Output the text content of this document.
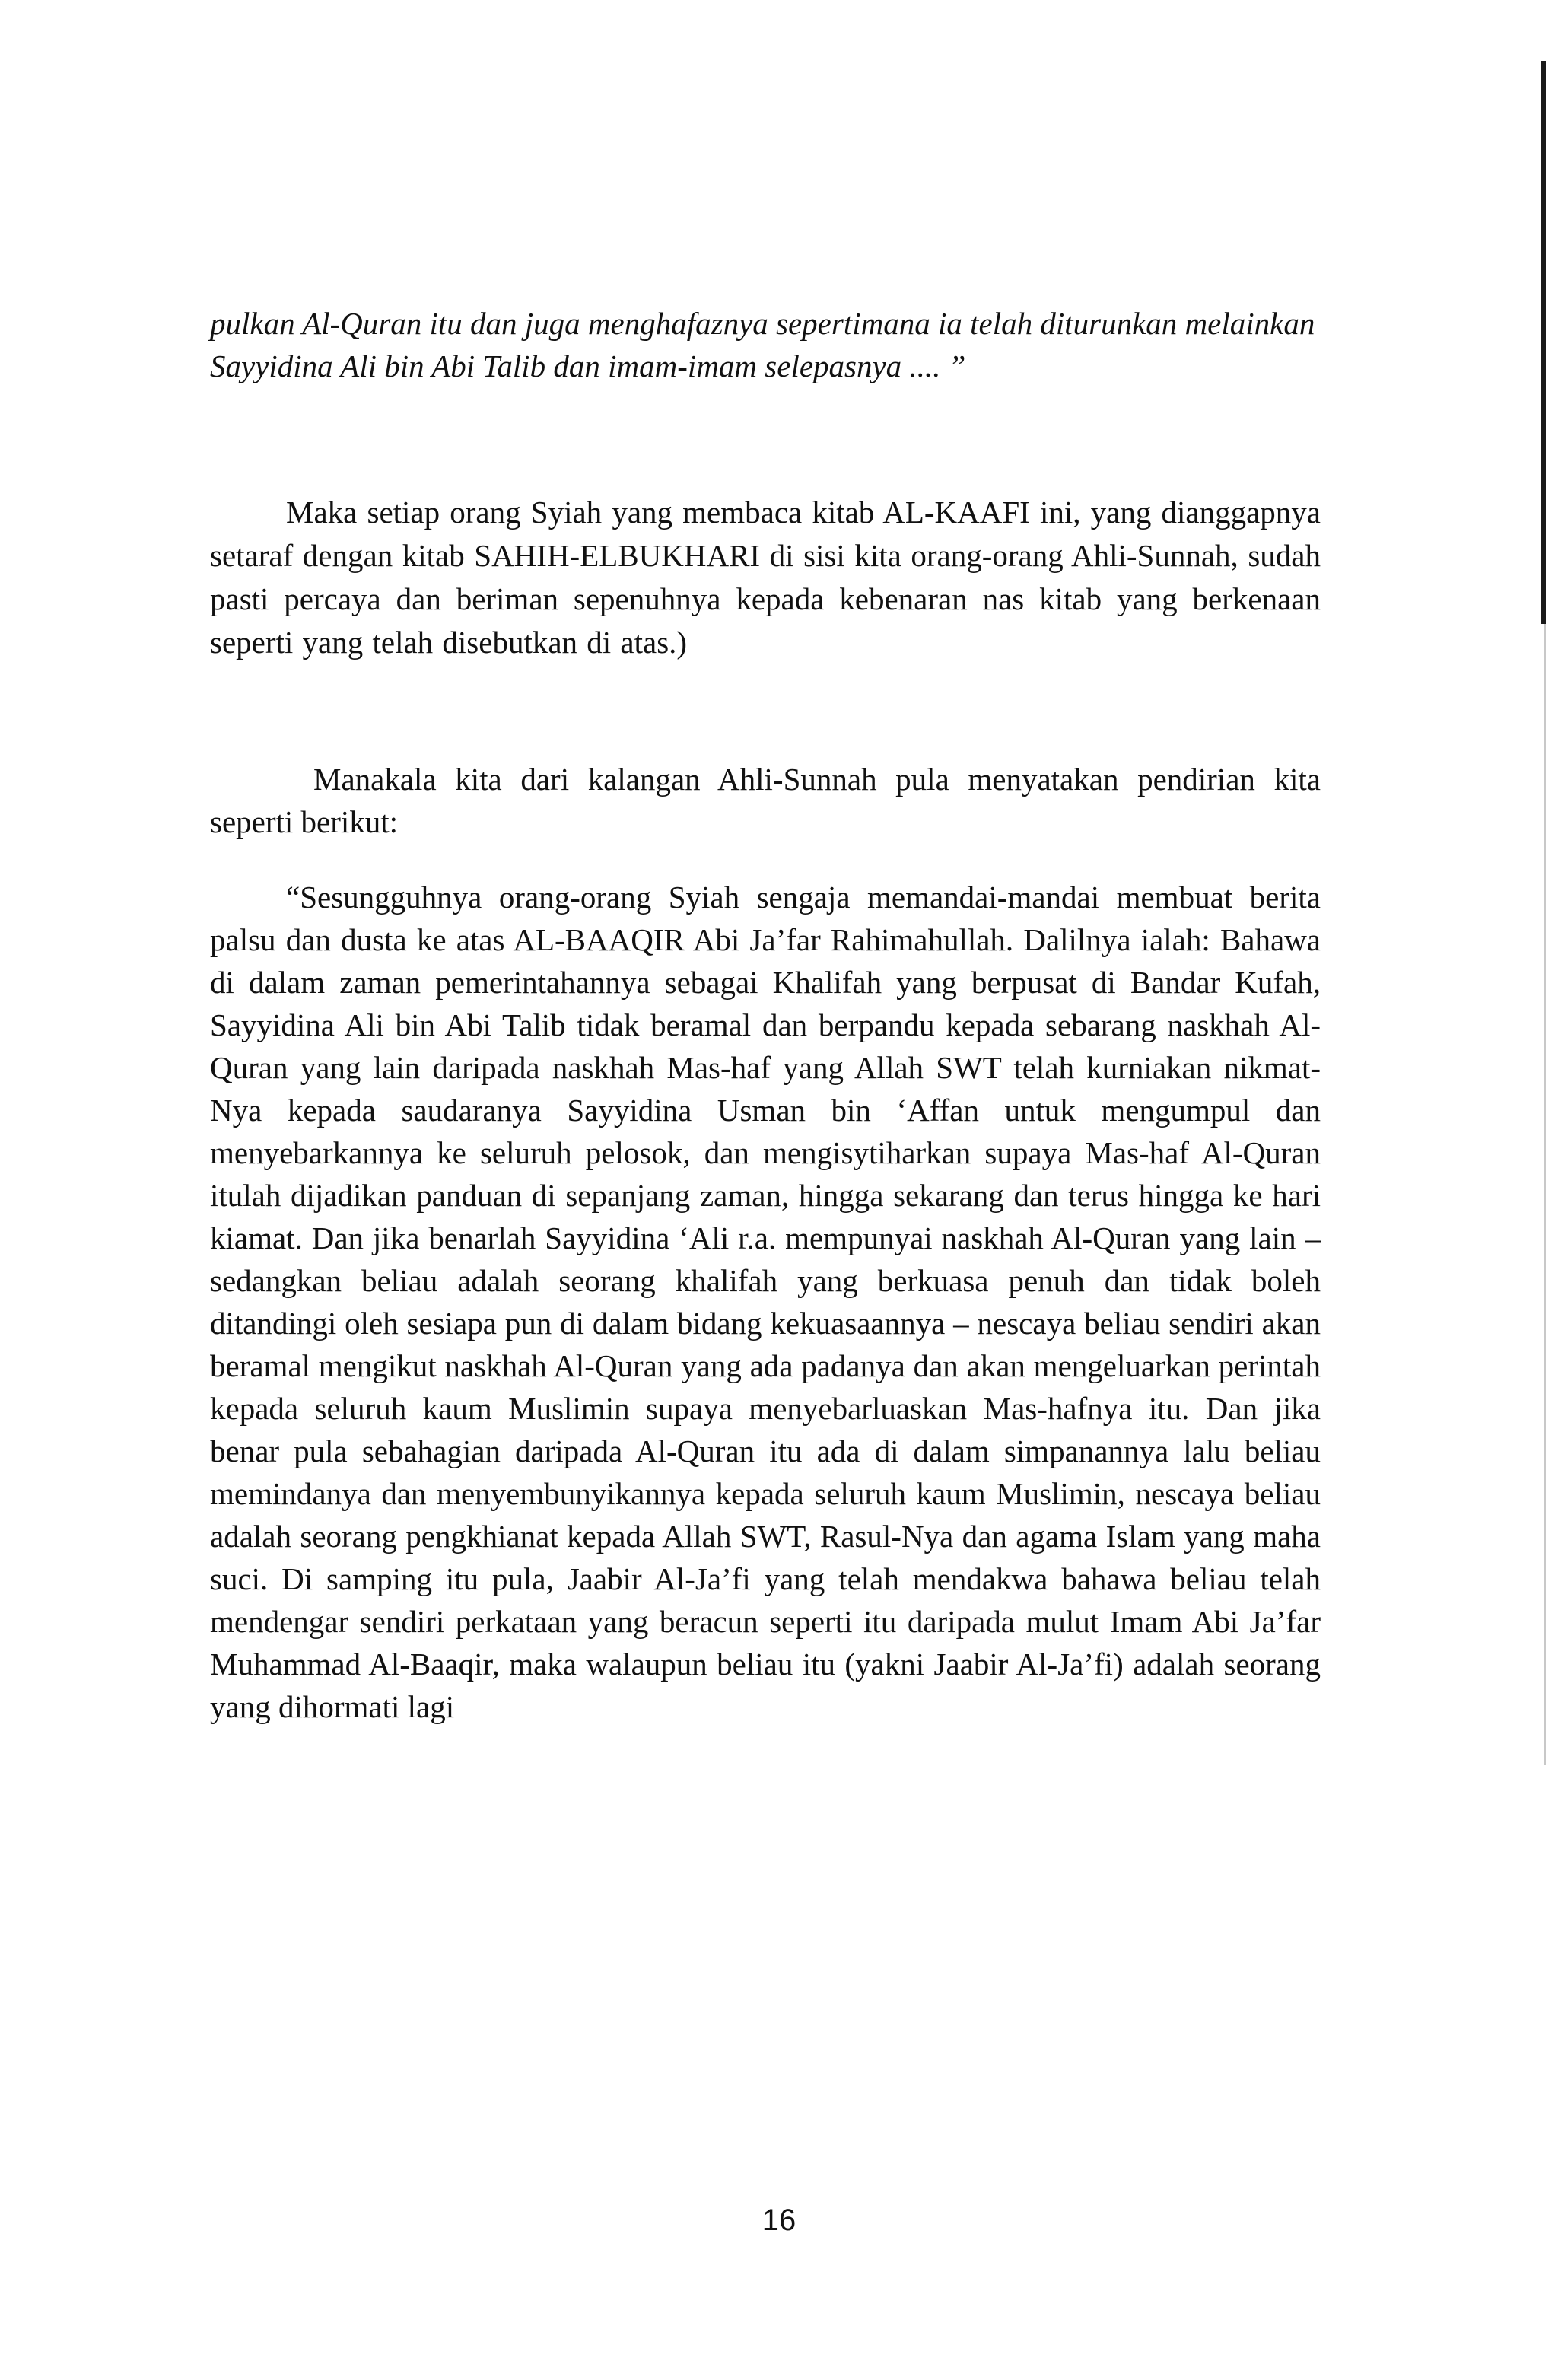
pulkan Al-Quran itu dan juga menghafaznya sepertimana ia telah diturunkan melainkan Sayyidina Ali bin Abi Talib dan imam-imam selepasnya .... ”

Maka setiap orang Syiah yang membaca kitab AL-KAAFI ini, yang dianggapnya setaraf dengan kitab SAHIH-ELBUKHARI di sisi kita orang-orang Ahli-Sunnah, sudah pasti percaya dan beriman sepenuhnya kepada kebenaran nas kitab yang berkenaan seperti yang telah disebutkan di atas.)

Manakala kita dari kalangan Ahli-Sunnah pula menyatakan pendirian kita seperti berikut:

“Sesungguhnya orang-orang Syiah sengaja memandai-mandai membuat berita palsu dan dusta ke atas AL-BAAQIR Abi Ja’far Rahimahullah. Dalilnya ialah: Bahawa di dalam zaman pemerintahannya sebagai Khalifah yang berpusat di Bandar Kufah, Sayyidina Ali bin Abi Talib tidak beramal dan berpandu kepada sebarang naskhah Al-Quran yang lain daripada naskhah Mas-haf yang Allah SWT telah kurniakan nikmat-Nya kepada saudaranya Sayyidina Usman bin ‘Affan untuk mengumpul dan menyebarkannya ke seluruh pelosok, dan mengisytiharkan supaya Mas-haf Al-Quran itulah dijadikan panduan di sepanjang zaman, hingga sekarang dan terus hingga ke hari kiamat. Dan jika benarlah Sayyidina ‘Ali r.a. mempunyai naskhah Al-Quran yang lain – sedangkan beliau adalah seorang khalifah yang berkuasa penuh dan tidak boleh ditandingi oleh sesiapa pun di dalam bidang kekuasaannya – nescaya beliau sendiri akan beramal mengikut naskhah Al-Quran yang ada padanya dan akan mengeluarkan perintah kepada seluruh kaum Muslimin supaya menyebarluaskan Mas-hafnya itu. Dan jika benar pula sebahagian daripada Al-Quran itu ada di dalam simpanannya lalu beliau memindanya dan menyembunyikannya kepada seluruh kaum Muslimin, nescaya beliau adalah seorang pengkhianat kepada Allah SWT, Rasul-Nya dan agama Islam yang maha suci. Di samping itu pula, Jaabir Al-Ja’fi yang telah mendakwa bahawa beliau telah mendengar sendiri perkataan yang beracun seperti itu daripada mulut Imam Abi Ja’far Muhammad Al-Baaqir, maka walaupun beliau itu (yakni Jaabir Al-Ja’fi) adalah seorang yang dihormati lagi

16
